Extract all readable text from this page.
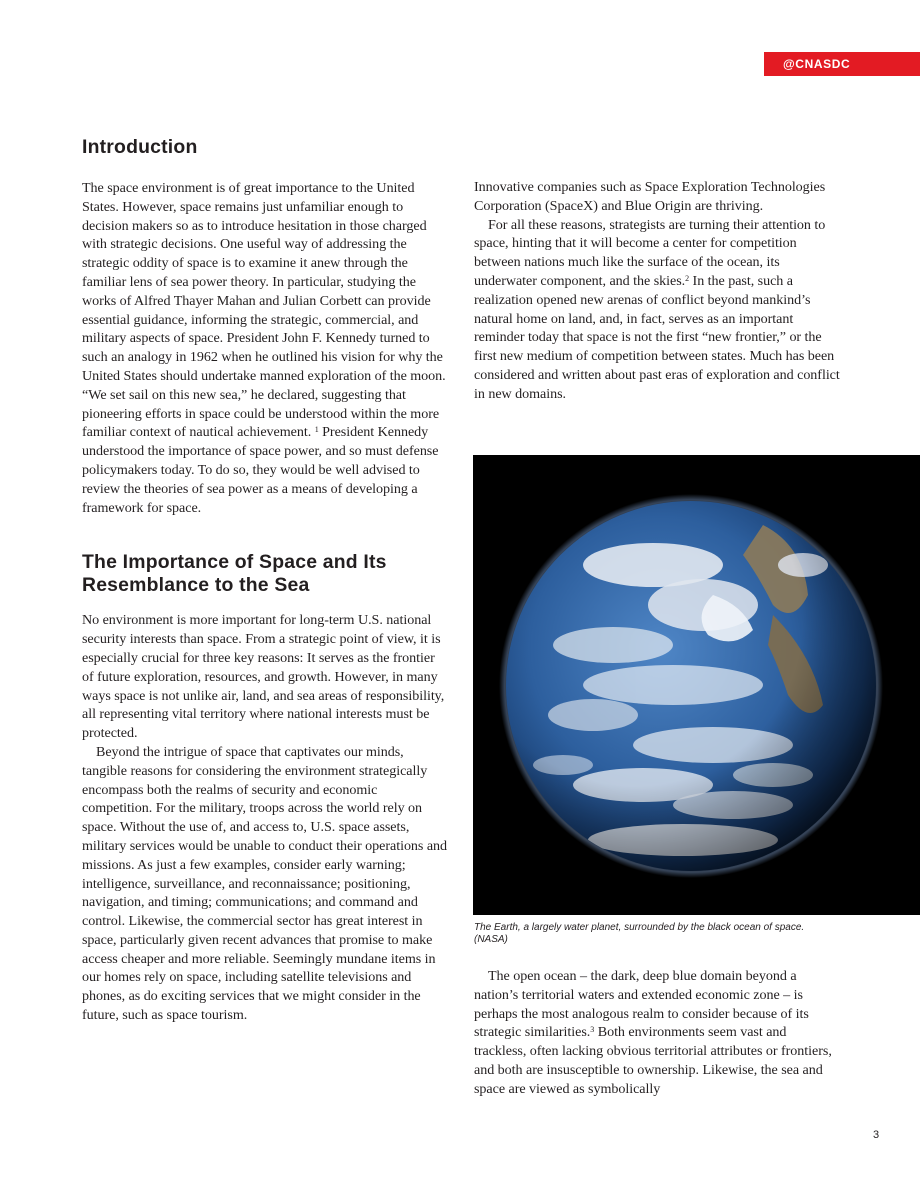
@CNASDC
Introduction

The space environment is of great importance to the United States. However, space remains just unfamiliar enough to decision makers so as to introduce hesitation in those charged with strategic decisions. One useful way of addressing the strategic oddity of space is to examine it anew through the familiar lens of sea power theory. In particular, studying the works of Alfred Thayer Mahan and Julian Corbett can provide essential guidance, informing the strategic, commercial, and military aspects of space. President John F. Kennedy turned to such an analogy in 1962 when he outlined his vision for why the United States should undertake manned exploration of the moon. “We set sail on this new sea,” he declared, suggesting that pioneering efforts in space could be understood within the more familiar context of nautical achievement. $^1$ President Kennedy understood the importance of space power, and so must defense policymakers today. To do so, they would be well advised to review the theories of sea power as a means of developing a framework for space.

The Importance of Space and Its Resemblance to the Sea

No environment is more important for long-term U.S. national security interests than space. From a strategic point of view, it is especially crucial for three key reasons: It serves as the frontier of future exploration, resources, and growth. However, in many ways space is not unlike air, land, and sea areas of responsibility, all representing vital territory where national interests must be protected.

Beyond the intrigue of space that captivates our minds, tangible reasons for considering the environment strategically encompass both the realms of security and economic competition. For the military, troops across the world rely on space. Without the use of, and access to, U.S. space assets, military services would be unable to conduct their operations and missions. As just a few examples, consider early warning; intelligence, surveillance, and reconnaissance; positioning, navigation, and timing; communications; and command and control. Likewise, the commercial sector has great interest in space, particularly given recent advances that promise to make access cheaper and more reliable. Seemingly mundane items in our homes rely on space, including satellite televisions and phones, as do exciting services that we might consider in the future, such as space tourism.

Innovative companies such as Space Exploration Technologies Corporation (SpaceX) and Blue Origin are thriving.

For all these reasons, strategists are turning their attention to space, hinting that it will become a center for competition between nations much like the surface of the ocean, its underwater component, and the skies.$^2$ In the past, such a realization opened new arenas of conflict beyond mankind’s natural home on land, and, in fact, serves as an important reminder today that space is not the first “new frontier,” or the first new medium of competition between states. Much has been considered and written about past eras of exploration and conflict in new domains.

The Earth, a largely water planet, surrounded by the black ocean of space. (NASA)

The open ocean – the dark, deep blue domain beyond a nation’s territorial waters and extended economic zone – is perhaps the most analogous realm to consider because of its strategic similarities.$^3$ Both environments seem vast and trackless, often lacking obvious territorial attributes or frontiers, and both are insusceptible to ownership. Likewise, the sea and space are viewed as symbolically

3
